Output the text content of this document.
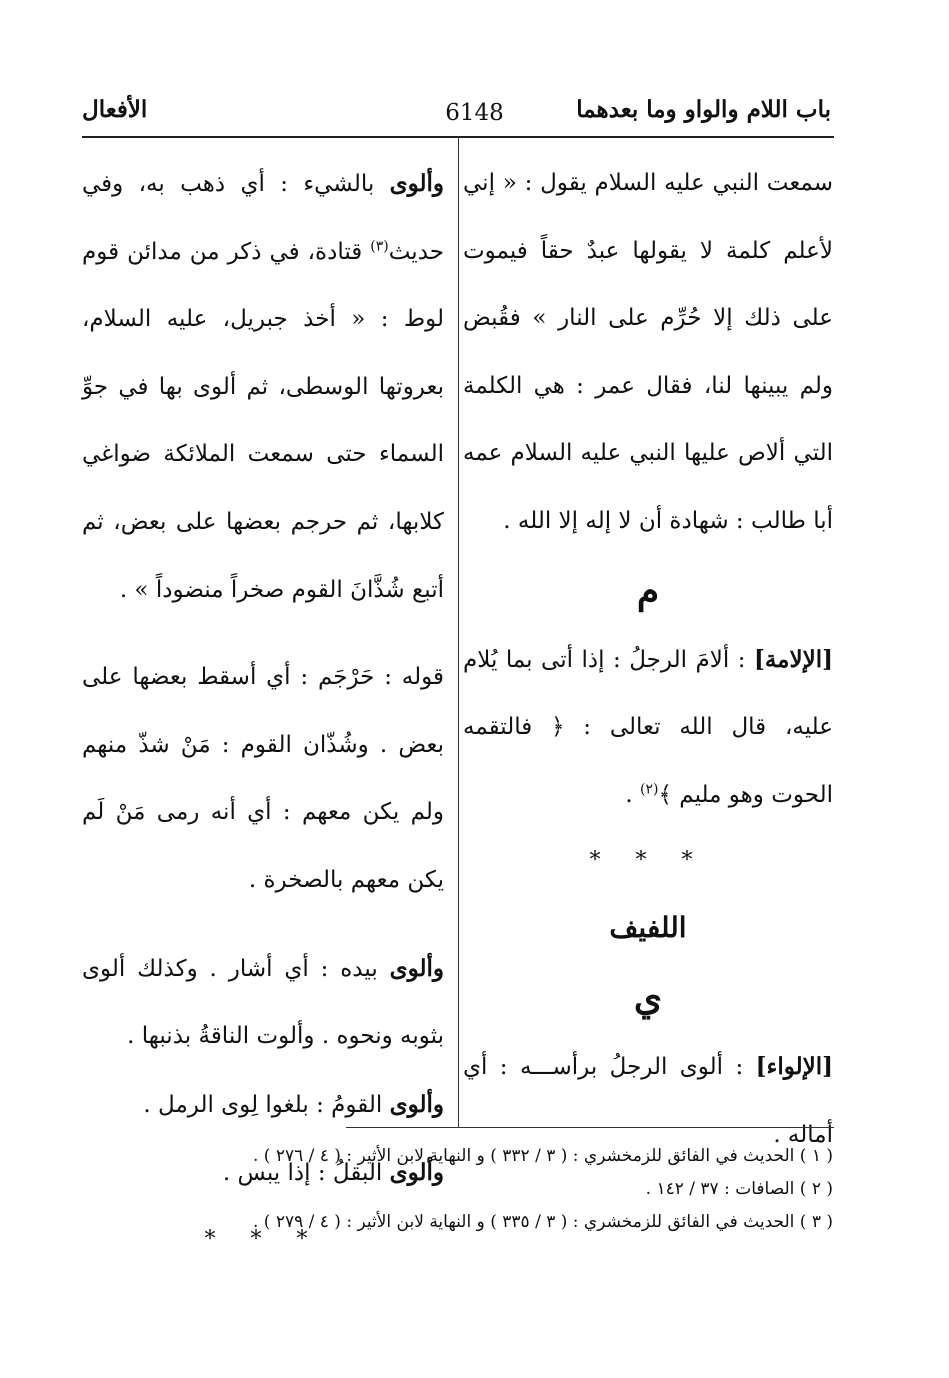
باب اللام والواو وما بعدهما
6148
الأفعال

سمعت النبي عليه السلام يقول : « إني لأعلم كلمة لا يقولها عبدٌ حقاً فيموت على ذلك إلا حُرِّم على النار » فقُبض ولم يبينها لنا، فقال عمر : هي الكلمة التي ألاص عليها النبي عليه السلام عمه أبا طالب : شهادة أن لا إله إلا الله .

م

[الإلامة] : ألامَ الرجلُ : إذا أتى بما يُلام عليه، قال الله تعالى : ﴿ فالتقمه الحوت وهو مليم ﴾$^{(٢)}$ .

* * *

اللفيف

ي

[الإلواء] : ألوى الرجلُ برأســـه : أي أماله .

وألوى بالشيء : أي ذهب به، وفي حديث$^{(٣)}$ قتادة، في ذكر من مدائن قوم لوط : « أخذ جبريل، عليه السلام، بعروتها الوسطى، ثم ألوى بها في جوِّ السماء حتى سمعت الملائكة ضواغي كلابها، ثم حرجم بعضها على بعض، ثم أتبع شُذَّانَ القوم صخراً منضوداً » .

قوله : حَرْجَم : أي أسقط بعضها على بعض . وشُذّان القوم : مَنْ شذّ منهم ولم يكن معهم : أي أنه رمى مَنْ لَم يكن معهم بالصخرة .

وألوى بيده : أي أشار . وكذلك ألوى بثوبه ونحوه . وألوت الناقةُ بذنبها .

وألوى القومُ : بلغوا لِوى الرمل .

وألوى البقلُ : إذا يبس .

* * *

( ١ ) الحديث في الفائق للزمخشري : ( ٣ / ٣٣٢ ) و النهاية لابن الأثير : ( ٤ / ٢٧٦ ) .

( ٢ ) الصافات : ٣٧ / ١٤٢ .

( ٣ ) الحديث في الفائق للزمخشري : ( ٣ / ٣٣٥ ) و النهاية لابن الأثير : ( ٤ / ٢٧٩ ) .
